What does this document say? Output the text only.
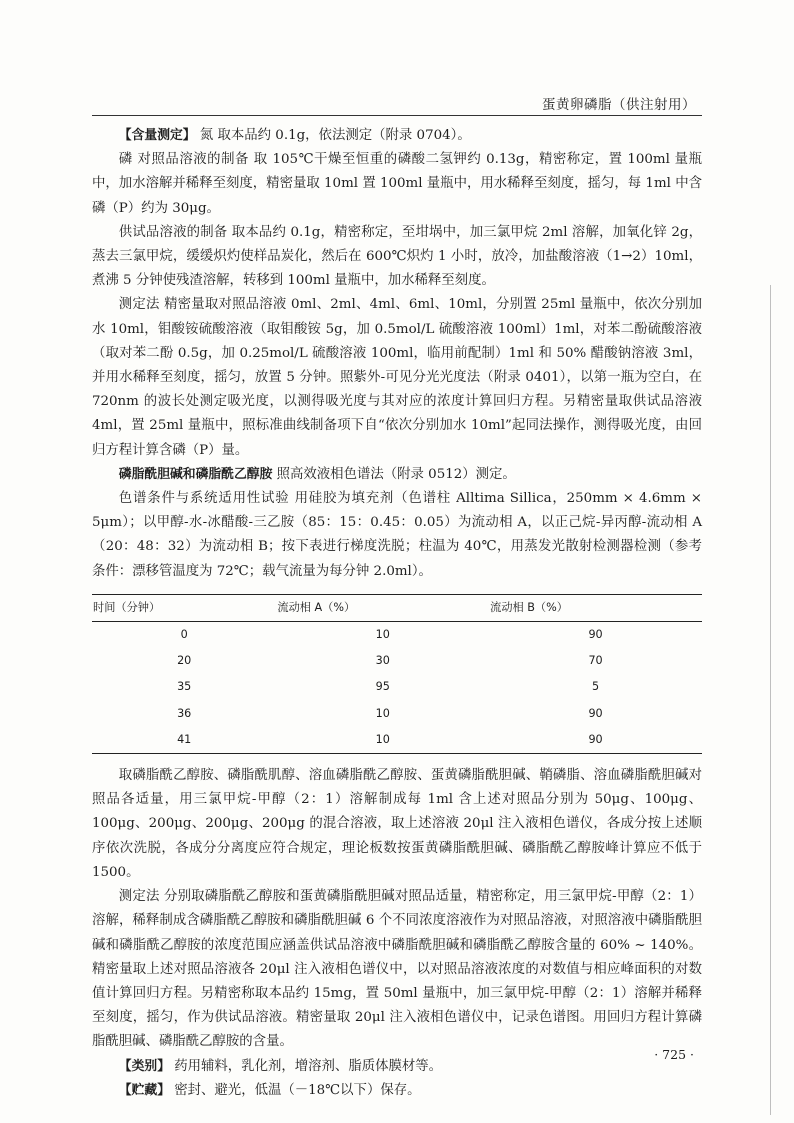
蛋黄卵磷脂（供注射用）

【含量测定】 氮 取本品约 0.1g，依法测定（附录 0704）。

磷 对照品溶液的制备 取 105℃干燥至恒重的磷酸二氢钾约 0.13g，精密称定，置 100ml 量瓶中，加水溶解并稀释至刻度，精密量取 10ml 置 100ml 量瓶中，用水稀释至刻度，摇匀，每 1ml 中含磷（P）约为 30μg。

供试品溶液的制备 取本品约 0.1g，精密称定，至坩埚中，加三氯甲烷 2ml 溶解，加氧化锌 2g，蒸去三氯甲烷，缓缓炽灼使样品炭化，然后在 600℃炽灼 1 小时，放冷，加盐酸溶液（1→2）10ml，煮沸 5 分钟使残渣溶解，转移到 100ml 量瓶中，加水稀释至刻度。

测定法 精密量取对照品溶液 0ml、2ml、4ml、6ml、10ml，分别置 25ml 量瓶中，依次分别加水 10ml，钼酸铵硫酸溶液（取钼酸铵 5g，加 0.5mol/L 硫酸溶液 100ml）1ml，对苯二酚硫酸溶液（取对苯二酚 0.5g，加 0.25mol/L 硫酸溶液 100ml，临用前配制）1ml 和 50% 醋酸钠溶液 3ml，并用水稀释至刻度，摇匀，放置 5 分钟。照紫外-可见分光光度法（附录 0401），以第一瓶为空白，在 720nm 的波长处测定吸光度，以测得吸光度与其对应的浓度计算回归方程。另精密量取供试品溶液 4ml，置 25ml 量瓶中，照标准曲线制备项下自“依次分别加水 10ml”起同法操作，测得吸光度，由回归方程计算含磷（P）量。

磷脂酰胆碱和磷脂酰乙醇胺 照高效液相色谱法（附录 0512）测定。

色谱条件与系统适用性试验 用硅胶为填充剂（色谱柱 Alltima Sillica，250mm × 4.6mm × 5μm）；以甲醇-水-冰醋酸-三乙胺（85：15：0.45：0.05）为流动相 A，以正己烷-异丙醇-流动相 A（20：48：32）为流动相 B；按下表进行梯度洗脱；柱温为 40℃，用蒸发光散射检测器检测（参考条件：漂移管温度为 72℃；载气流量为每分钟 2.0ml）。

时间（分钟）	流动相 A（%）	流动相 B（%）
0	10	90
20	30	70
35	95	5
36	10	90
41	10	90

取磷脂酰乙醇胺、磷脂酰肌醇、溶血磷脂酰乙醇胺、蛋黄磷脂酰胆碱、鞘磷脂、溶血磷脂酰胆碱对照品各适量，用三氯甲烷-甲醇（2：1）溶解制成每 1ml 含上述对照品分别为 50μg、100μg、100μg、200μg、200μg、200μg 的混合溶液，取上述溶液 20μl 注入液相色谱仪，各成分按上述顺序依次洗脱，各成分分离度应符合规定，理论板数按蛋黄磷脂酰胆碱、磷脂酰乙醇胺峰计算应不低于 1500。

测定法 分别取磷脂酰乙醇胺和蛋黄磷脂酰胆碱对照品适量，精密称定，用三氯甲烷-甲醇（2：1）溶解，稀释制成含磷脂酰乙醇胺和磷脂酰胆碱 6 个不同浓度溶液作为对照品溶液，对照溶液中磷脂酰胆碱和磷脂酰乙醇胺的浓度范围应涵盖供试品溶液中磷脂酰胆碱和磷脂酰乙醇胺含量的 60% ~ 140%。精密量取上述对照品溶液各 20μl 注入液相色谱仪中，以对照品溶液浓度的对数值与相应峰面积的对数值计算回归方程。另精密称取本品约 15mg，置 50ml 量瓶中，加三氯甲烷-甲醇（2：1）溶解并稀释至刻度，摇匀，作为供试品溶液。精密量取 20μl 注入液相色谱仪中，记录色谱图。用回归方程计算磷脂酰胆碱、磷脂酰乙醇胺的含量。

【类别】 药用辅料，乳化剂，增溶剂、脂质体膜材等。

【贮藏】 密封、避光，低温（－18℃以下）保存。

· 725 ·
